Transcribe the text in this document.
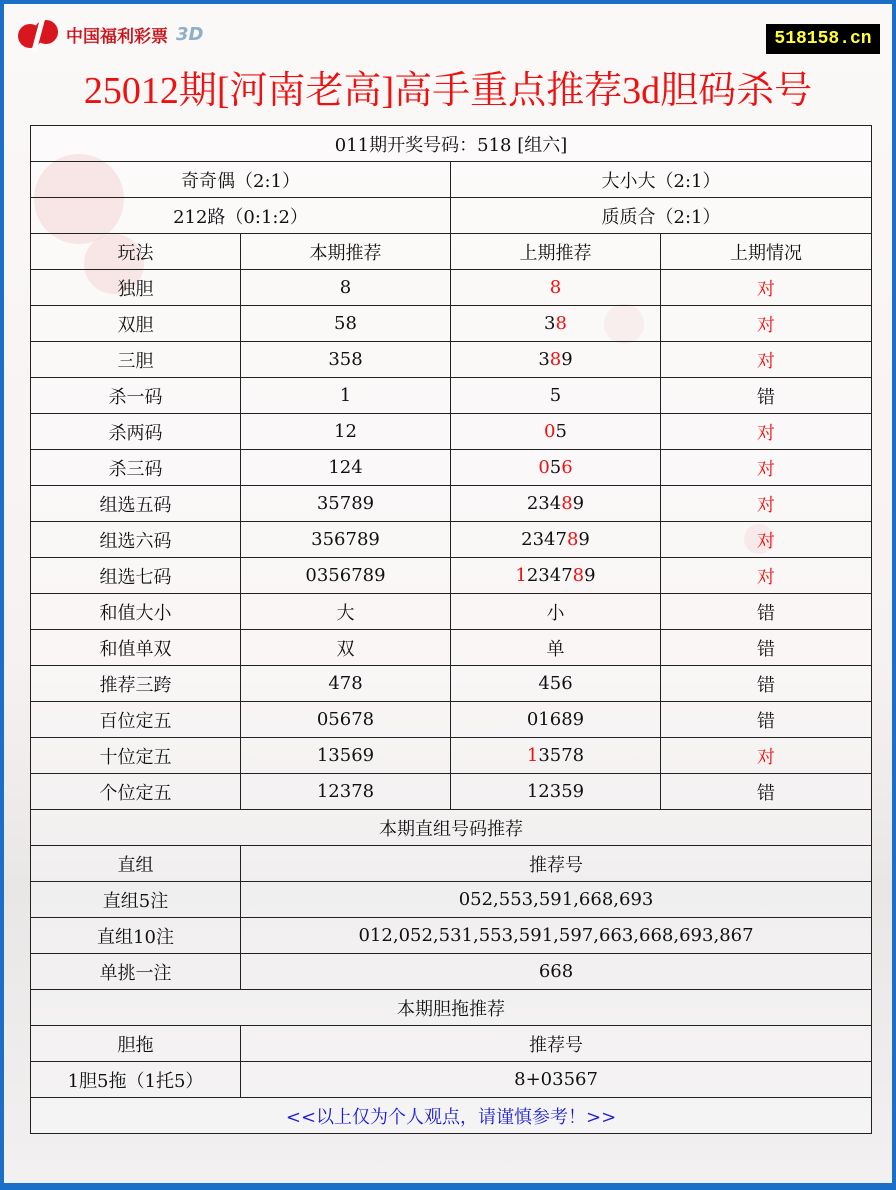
中国福利彩票 3D	518158.cn
25012期[河南老高]高手重点推荐3d胆码杀号
011期开奖号码：518 [组六]			
奇奇偶（2:1）		大小大（2:1）	
212路（0:1:2）		质质合（2:1）	
玩法	本期推荐	上期推荐	上期情况
独胆	8	8	对
双胆	58	38	对
三胆	358	389	对
杀一码	1	5	错
杀两码	12	05	对
杀三码	124	056	对
组选五码	35789	23489	对
组选六码	356789	234789	对
组选七码	0356789	1234789	对
和值大小	大	小	错
和值单双	双	单	错
推荐三跨	478	456	错
百位定五	05678	01689	错
十位定五	13569	13578	对
个位定五	12378	12359	错
本期直组号码推荐			
直组	推荐号		
直组5注	052,553,591,668,693		
直组10注	012,052,531,553,591,597,663,668,693,867		
单挑一注	668		
本期胆拖推荐			
胆拖	推荐号		
1胆5拖（1托5）	8+03567		
<<以上仅为个人观点，请谨慎参考！>>			
